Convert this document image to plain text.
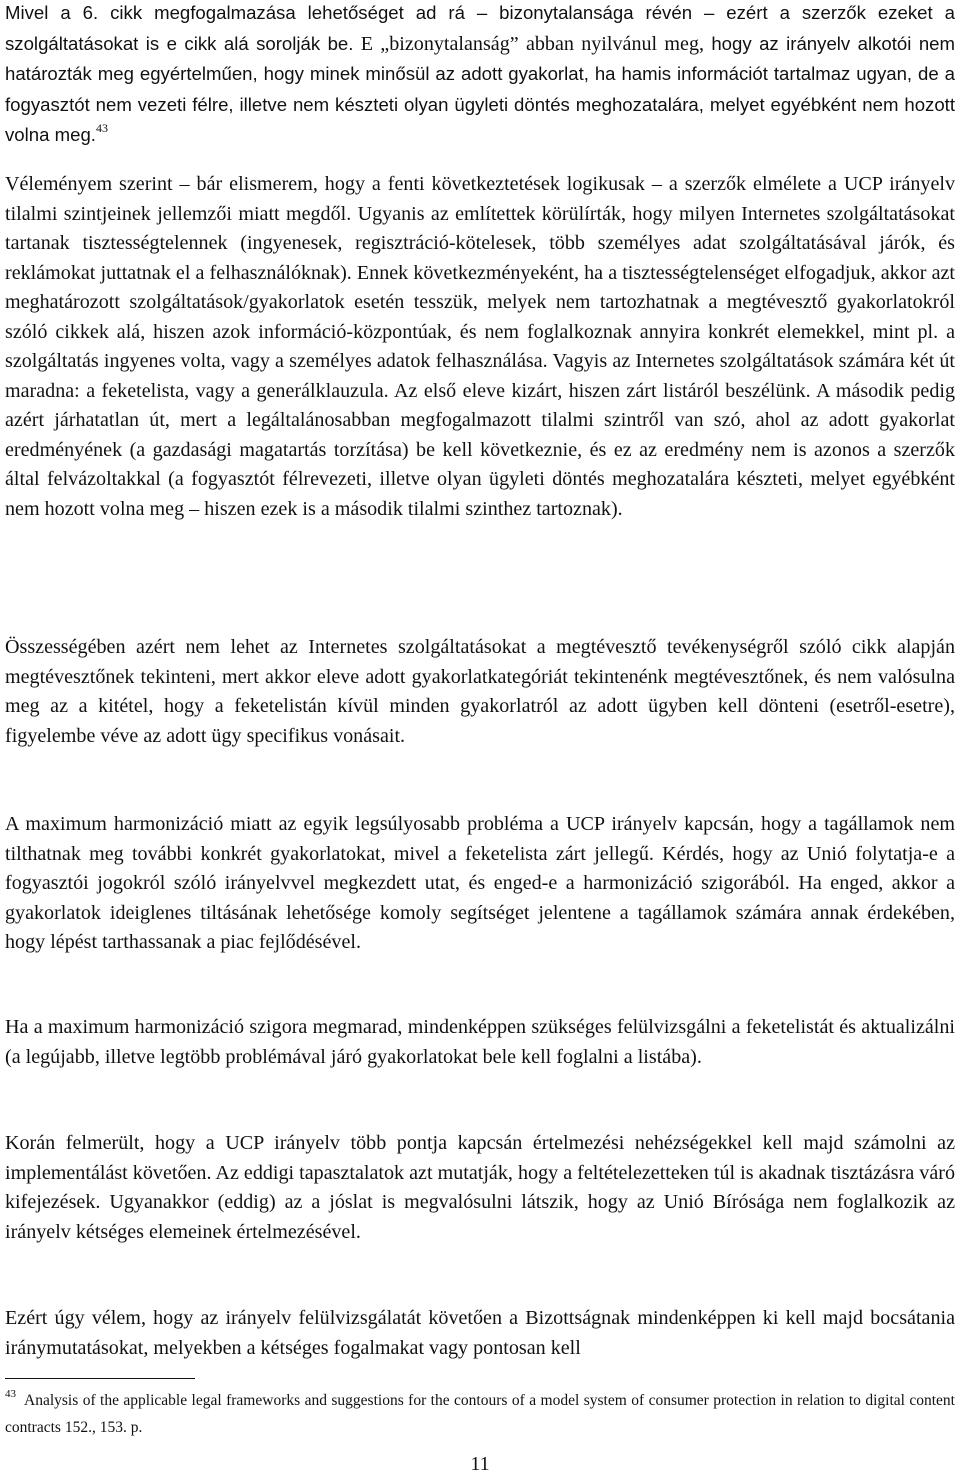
Mivel a 6. cikk megfogalmazása lehetőséget ad rá – bizonytalansága révén – ezért a szerzők ezeket a szolgáltatásokat is e cikk alá sorolják be. E „bizonytalanság” abban nyilvánul meg, hogy az irányelv alkotói nem határozták meg egyértelműen, hogy minek minősül az adott gyakorlat, ha hamis információt tartalmaz ugyan, de a fogyasztót nem vezeti félre, illetve nem készteti olyan ügyleti döntés meghozatalára, melyet egyébként nem hozott volna meg.$^{43}$

Véleményem szerint – bár elismerem, hogy a fenti következtetések logikusak – a szerzők elmélete a UCP irányelv tilalmi szintjeinek jellemzői miatt megdől. Ugyanis az említettek körülírták, hogy milyen Internetes szolgáltatásokat tartanak tisztességtelennek (ingyenesek, regisztráció-kötelesek, több személyes adat szolgáltatásával járók, és reklámokat juttatnak el a felhasználóknak). Ennek következményeként, ha a tisztességtelenséget elfogadjuk, akkor azt meghatározott szolgáltatások/gyakorlatok esetén tesszük, melyek nem tartozhatnak a megtévesztő gyakorlatokról szóló cikkek alá, hiszen azok információ-központúak, és nem foglalkoznak annyira konkrét elemekkel, mint pl. a szolgáltatás ingyenes volta, vagy a személyes adatok felhasználása. Vagyis az Internetes szolgáltatások számára két út maradna: a feketelista, vagy a generálklauzula. Az első eleve kizárt, hiszen zárt listáról beszélünk. A második pedig azért járhatatlan út, mert a legáltalánosabban megfogalmazott tilalmi szintről van szó, ahol az adott gyakorlat eredményének (a gazdasági magatartás torzítása) be kell következnie, és ez az eredmény nem is azonos a szerzők által felvázoltakkal (a fogyasztót félrevezeti, illetve olyan ügyleti döntés meghozatalára készteti, melyet egyébként nem hozott volna meg – hiszen ezek is a második tilalmi szinthez tartoznak).

Összességében azért nem lehet az Internetes szolgáltatásokat a megtévesztő tevékenységről szóló cikk alapján megtévesztőnek tekinteni, mert akkor eleve adott gyakorlatkategóriát tekintenénk megtévesztőnek, és nem valósulna meg az a kitétel, hogy a feketelistán kívül minden gyakorlatról az adott ügyben kell dönteni (esetről-esetre), figyelembe véve az adott ügy specifikus vonásait.

A maximum harmonizáció miatt az egyik legsúlyosabb probléma a UCP irányelv kapcsán, hogy a tagállamok nem tilthatnak meg további konkrét gyakorlatokat, mivel a feketelista zárt jellegű. Kérdés, hogy az Unió folytatja-e a fogyasztói jogokról szóló irányelvvel megkezdett utat, és enged-e a harmonizáció szigorából. Ha enged, akkor a gyakorlatok ideiglenes tiltásának lehetősége komoly segítséget jelentene a tagállamok számára annak érdekében, hogy lépést tarthassanak a piac fejlődésével.

Ha a maximum harmonizáció szigora megmarad, mindenképpen szükséges felülvizsgálni a feketelistát és aktualizálni (a legújabb, illetve legtöbb problémával járó gyakorlatokat bele kell foglalni a listába).

Korán felmerült, hogy a UCP irányelv több pontja kapcsán értelmezési nehézségekkel kell majd számolni az implementálást követően. Az eddigi tapasztalatok azt mutatják, hogy a feltételezetteken túl is akadnak tisztázásra váró kifejezések. Ugyanakkor (eddig) az a jóslat is megvalósulni látszik, hogy az Unió Bírósága nem foglalkozik az irányelv kétséges elemeinek értelmezésével.

Ezért úgy vélem, hogy az irányelv felülvizsgálatát követően a Bizottságnak mindenképpen ki kell majd bocsátania iránymutatásokat, melyekben a kétséges fogalmakat vagy pontosan kell

$^{43}$ Analysis of the applicable legal frameworks and suggestions for the contours of a model system of consumer protection in relation to digital content contracts 152., 153. p.

11
